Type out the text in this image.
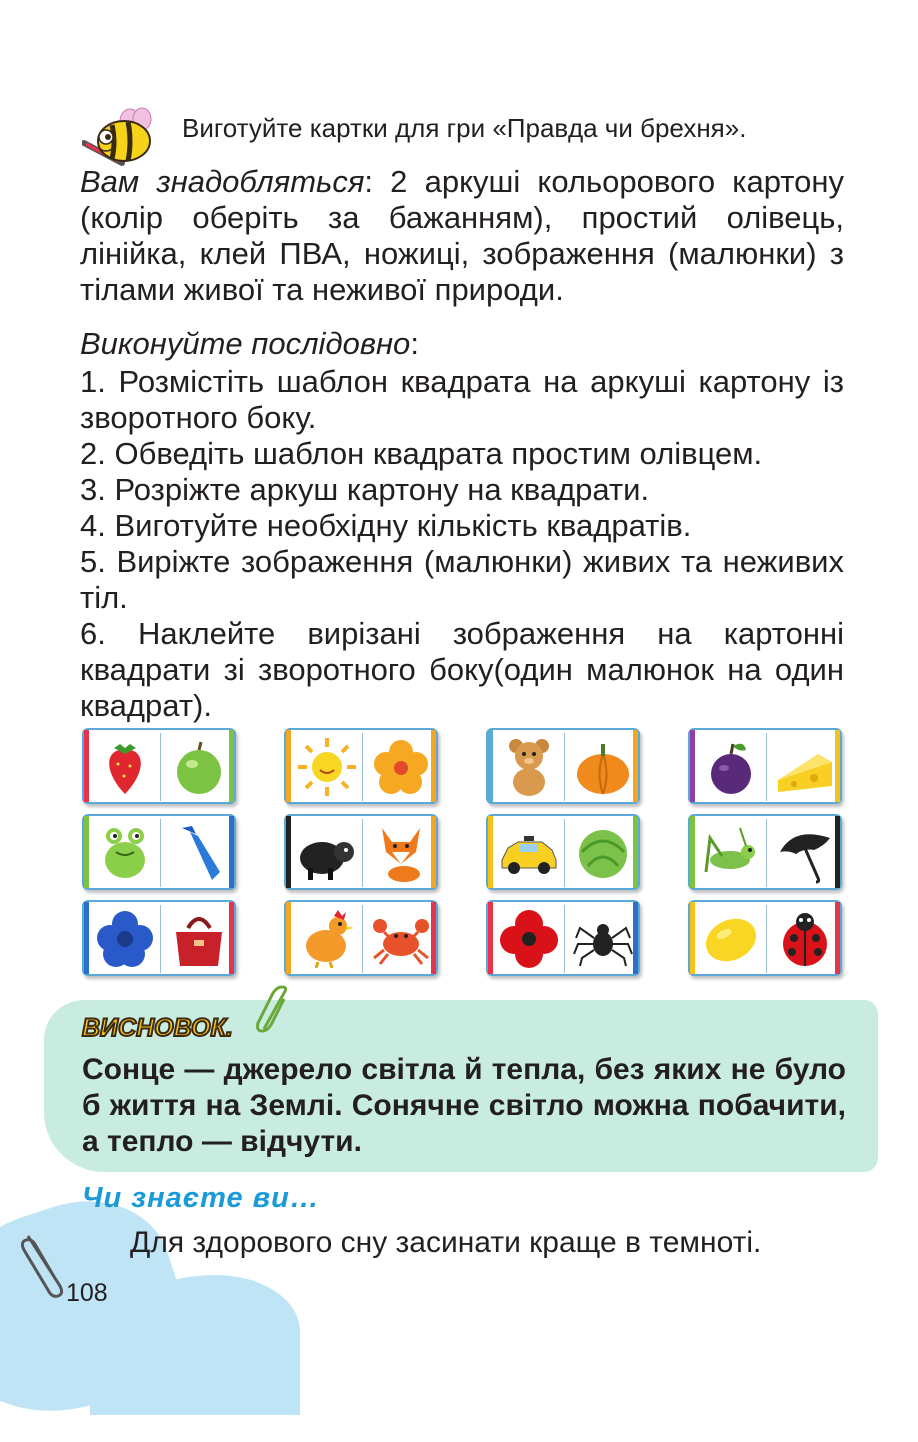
Виготуйте картки для гри «Правда чи брехня».

Вам знадобляться: 2 аркуші кольорового картону (колір оберіть за бажанням), простий олівець, лінійка, клей ПВА, ножиці, зображення (малюнки) з тілами живої та неживої природи.

Виконуйте послідовно:

1. Розмістіть шаблон квадрата на аркуші картону із зворотного боку.
2. Обведіть шаблон квадрата простим олівцем.
3. Розріжте аркуш картону на квадрати.
4. Виготуйте необхідну кількість квадратів.
5. Виріжте зображення (малюнки) живих та неживих тіл.
6. Наклейте вирізані зображення на картонні квадрати зі зворотного боку(один малюнок на один квадрат).
ВИСНОВОК.

Сонце — джерело світла й тепла, без яких не було б життя на Землі. Сонячне світло можна побачити, а тепло — відчути.

Чи знаєте ви…
Для здорового сну засинати краще в темноті.
108
